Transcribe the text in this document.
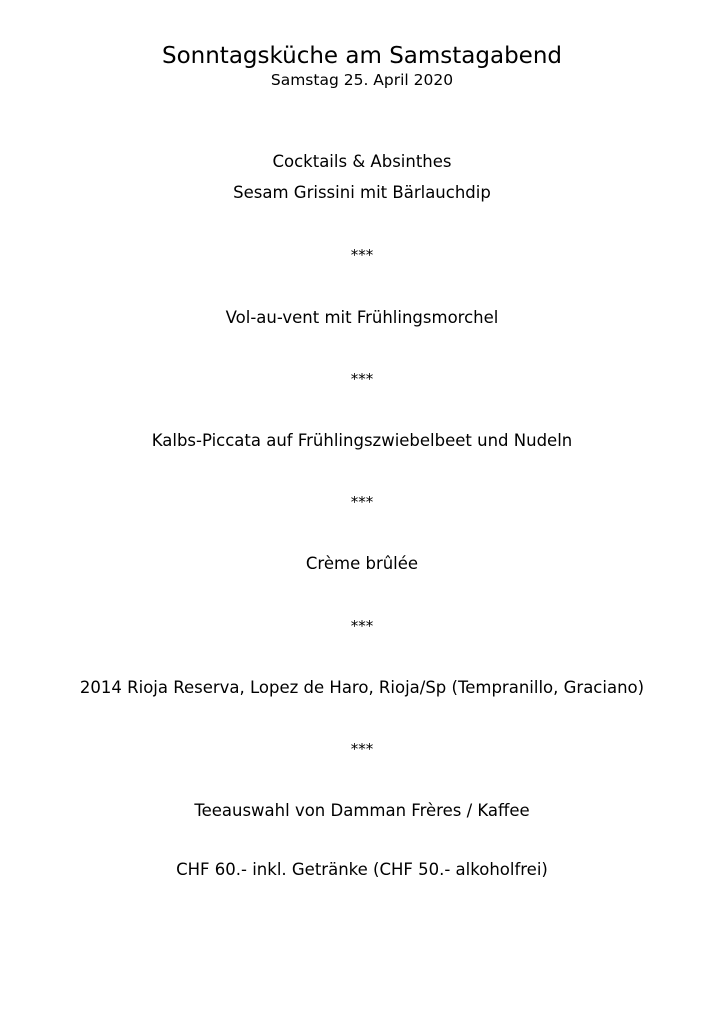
Sonntagsküche am Samstagabend
Samstag 25. April 2020
Cocktails & Absinthes
Sesam Grissini mit Bärlauchdip
***
Vol-au-vent mit Frühlingsmorchel
***
Kalbs-Piccata auf Frühlingszwiebelbeet und Nudeln
***
Crème brûlée
***
2014 Rioja Reserva, Lopez de Haro, Rioja/Sp (Tempranillo, Graciano)
***
Teeauswahl von Damman Frères / Kaffee
CHF 60.- inkl. Getränke (CHF 50.- alkoholfrei)
